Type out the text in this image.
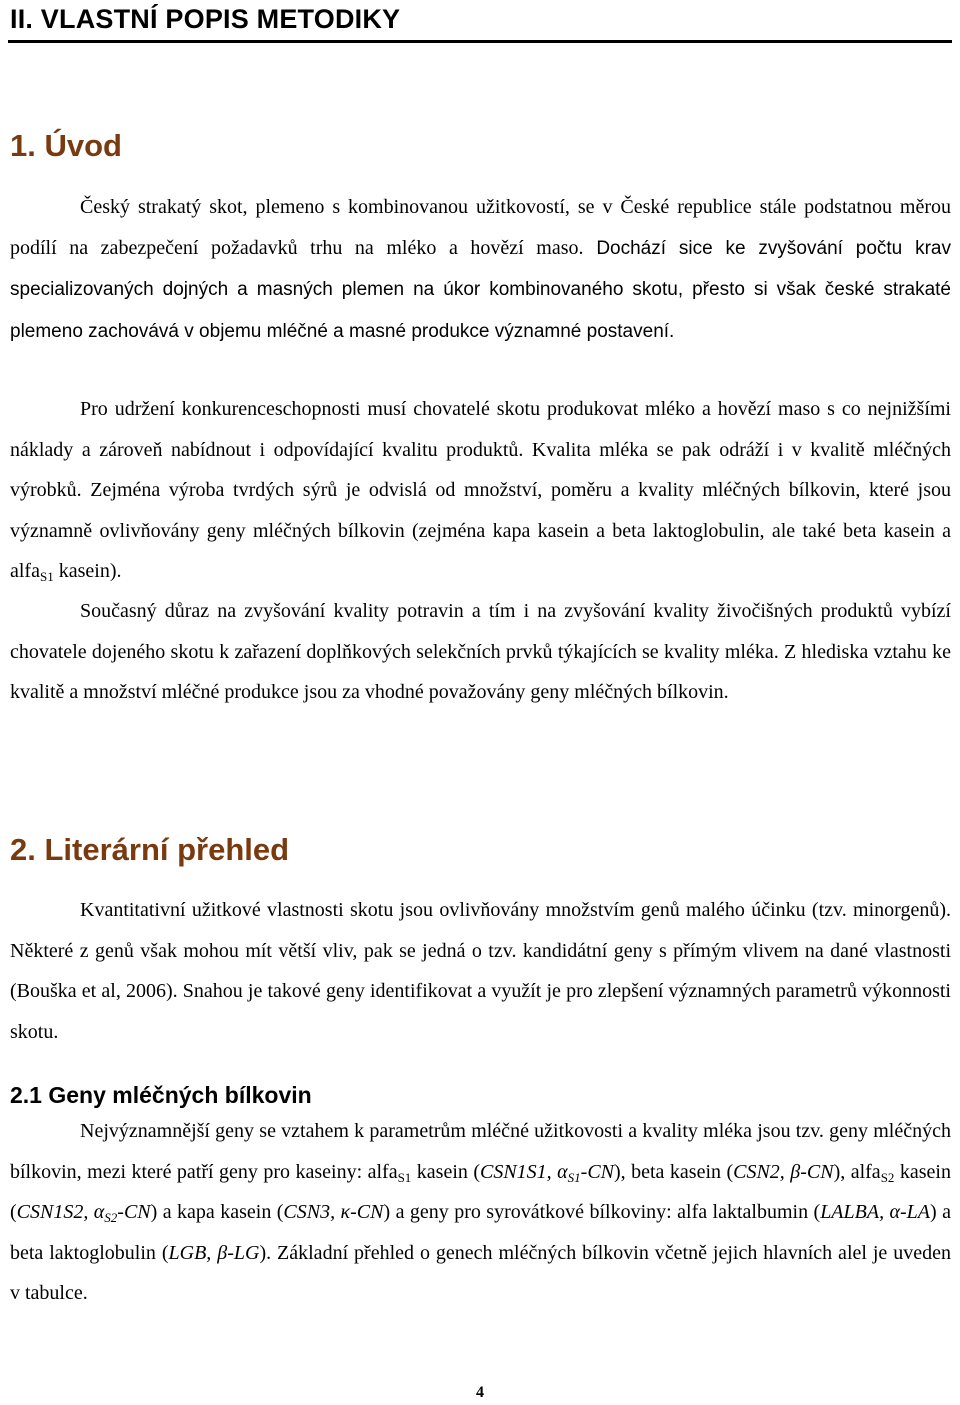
II. VLASTNÍ POPIS METODIKY
1. Úvod

Český strakatý skot, plemeno s kombinovanou užitkovostí, se v České republice stále podstatnou měrou podílí na zabezpečení požadavků trhu na mléko a hovězí maso. Dochází sice ke zvyšování počtu krav specializovaných dojných a masných plemen na úkor kombinovaného skotu, přesto si však české strakaté plemeno zachovává v objemu mléčné a masné produkce významné postavení.

Pro udržení konkurenceschopnosti musí chovatelé skotu produkovat mléko a hovězí maso s co nejnižšími náklady a zároveň nabídnout i odpovídající kvalitu produktů. Kvalita mléka se pak odráží i v kvalitě mléčných výrobků. Zejména výroba tvrdých sýrů je odvislá od množství, poměru a kvality mléčných bílkovin, které jsou významně ovlivňovány geny mléčných bílkovin (zejména kapa kasein a beta laktoglobulin, ale také beta kasein a alfa$_{S1}$ kasein).

Současný důraz na zvyšování kvality potravin a tím i na zvyšování kvality živočišných produktů vybízí chovatele dojeného skotu k zařazení doplňkových selekčních prvků týkajících se kvality mléka. Z hlediska vztahu ke kvalitě a množství mléčné produkce jsou za vhodné považovány geny mléčných bílkovin.

2. Literární přehled

Kvantitativní užitkové vlastnosti skotu jsou ovlivňovány množstvím genů malého účinku (tzv. minorgenů). Některé z genů však mohou mít větší vliv, pak se jedná o tzv. kandidátní geny s přímým vlivem na dané vlastnosti (Bouška et al, 2006). Snahou je takové geny identifikovat a využít je pro zlepšení významných parametrů výkonnosti skotu.

2.1 Geny mléčných bílkovin

Nejvýznamnější geny se vztahem k parametrům mléčné užitkovosti a kvality mléka jsou tzv. geny mléčných bílkovin, mezi které patří geny pro kaseiny: alfa$_{S1}$ kasein (CSN1S1, $\alpha_{S1}-CN$), beta kasein (CSN2, β-CN), alfa$_{S2}$ kasein (CSN1S2, $\alpha_{S2}-CN$) a kapa kasein (CSN3, κ-CN) a geny pro syrovátkové bílkoviny: alfa laktalbumin (LALBA, α-LA) a beta laktoglobulin (LGB, β-LG). Základní přehled o genech mléčných bílkovin včetně jejich hlavních alel je uveden v tabulce.

4
